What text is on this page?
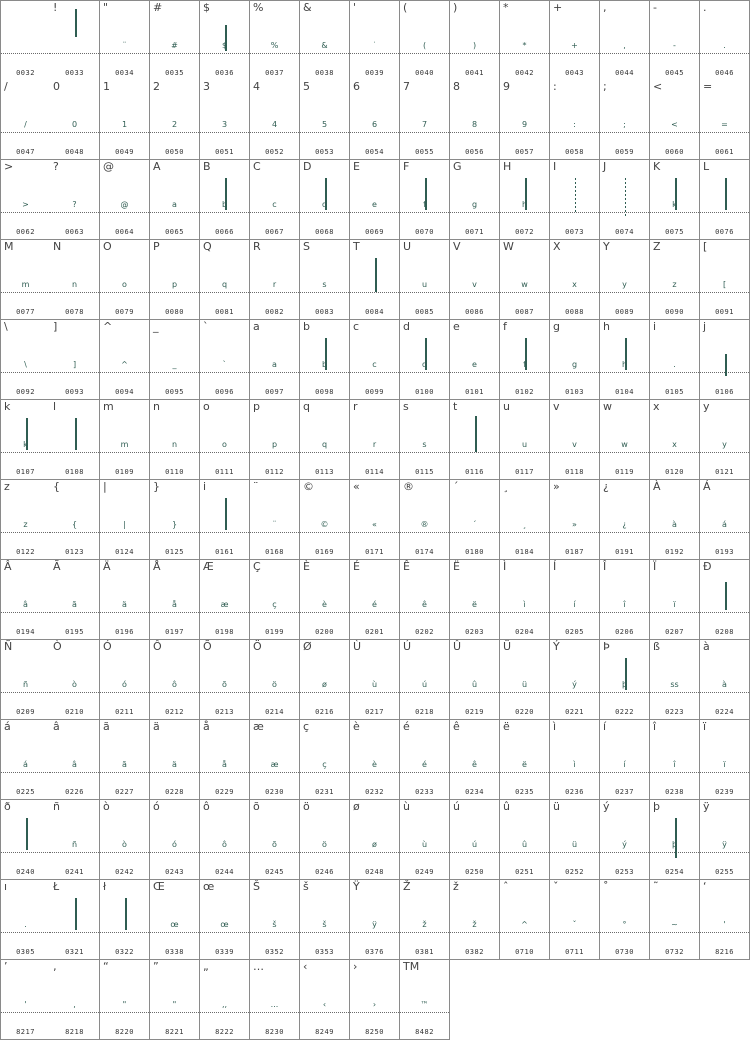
0032
!
0033
"
¨
0034
#
#
0035
$
$
0036
%
%
0037
&
&
0038
'
˙
0039
(
(
0040
)
)
0041
*
*
0042
+
+
0043
,
,
0044
-
-
0045
.
.
0046
/
/
0047
0
0
0048
1
1
0049
2
2
0050
3
3
0051
4
4
0052
5
5
0053
6
6
0054
7
7
0055
8
8
0056
9
9
0057
:
:
0058
;
;
0059
<
<
0060
=
=
0061
>
>
0062
?
?
0063
@
@
0064
A
a
0065
B
b
0066
C
c
0067
D
d
0068
E
e
0069
F
f
0070
G
g
0071
H
h
0072
I
0073
J
0074
K
k
0075
L
0076
M
m
0077
N
n
0078
O
o
0079
P
p
0080
Q
q
0081
R
r
0082
S
s
0083
T
0084
U
u
0085
V
v
0086
W
w
0087
X
x
0088
Y
y
0089
Z
z
0090
[
[
0091
\
\
0092
]
]
0093
^
^
0094
_
_
0095
`
`
0096
a
a
0097
b
b
0098
c
c
0099
d
d
0100
e
e
0101
f
f
0102
g
g
0103
h
h
0104
i
.
0105
j
0106
k
k
0107
l
0108
m
m
0109
n
n
0110
o
o
0111
p
p
0112
q
q
0113
r
r
0114
s
s
0115
t
0116
u
u
0117
v
v
0118
w
w
0119
x
x
0120
y
y
0121
z
z
0122
{
{
0123
|
|
0124
}
}
0125
i
0161
¨
¨
0168
©
©
0169
«
«
0171
®
®
0174
´
´
0180
¸
¸
0184
»
»
0187
¿
¿
0191
À
à
0192
Á
á
0193
Â
â
0194
Ã
ã
0195
Ä
ä
0196
Å
å
0197
Æ
æ
0198
Ç
ç
0199
È
è
0200
É
é
0201
Ê
ê
0202
Ë
ë
0203
Ì
ì
0204
Í
í
0205
Î
î
0206
Ï
ï
0207
Ð
0208
Ñ
ñ
0209
Ò
ò
0210
Ó
ó
0211
Ô
ô
0212
Õ
õ
0213
Ö
ö
0214
Ø
ø
0216
Ù
ù
0217
Ú
ú
0218
Û
û
0219
Ü
ü
0220
Ý
ý
0221
Þ
þ
0222
ß
ss
0223
à
à
0224
á
á
0225
â
â
0226
ã
ã
0227
ä
ä
0228
å
å
0229
æ
æ
0230
ç
ç
0231
è
è
0232
é
é
0233
ê
ê
0234
ë
ë
0235
ì
ì
0236
í
í
0237
î
î
0238
ï
ï
0239
ð
0240
ñ
ñ
0241
ò
ò
0242
ó
ó
0243
ô
ô
0244
õ
õ
0245
ö
ö
0246
ø
ø
0248
ù
ù
0249
ú
ú
0250
û
û
0251
ü
ü
0252
ý
ý
0253
þ
þ
0254
ÿ
ÿ
0255
ı
.
0305
Ł
0321
ł
0322
Œ
œ
0338
œ
œ
0339
Š
š
0352
š
š
0353
Ÿ
ÿ
0376
Ž
ž
0381
ž
ž
0382
ˆ
^
0710
ˇ
ˇ
0711
˚
°
0730
˜
~
0732
‘
'
8216
’
'
8217
‚
,
8218
“
"
8220
”
"
8221
„
,,
8222
…
...
8230
‹
‹
8249
›
›
8250
TM
™
8482
